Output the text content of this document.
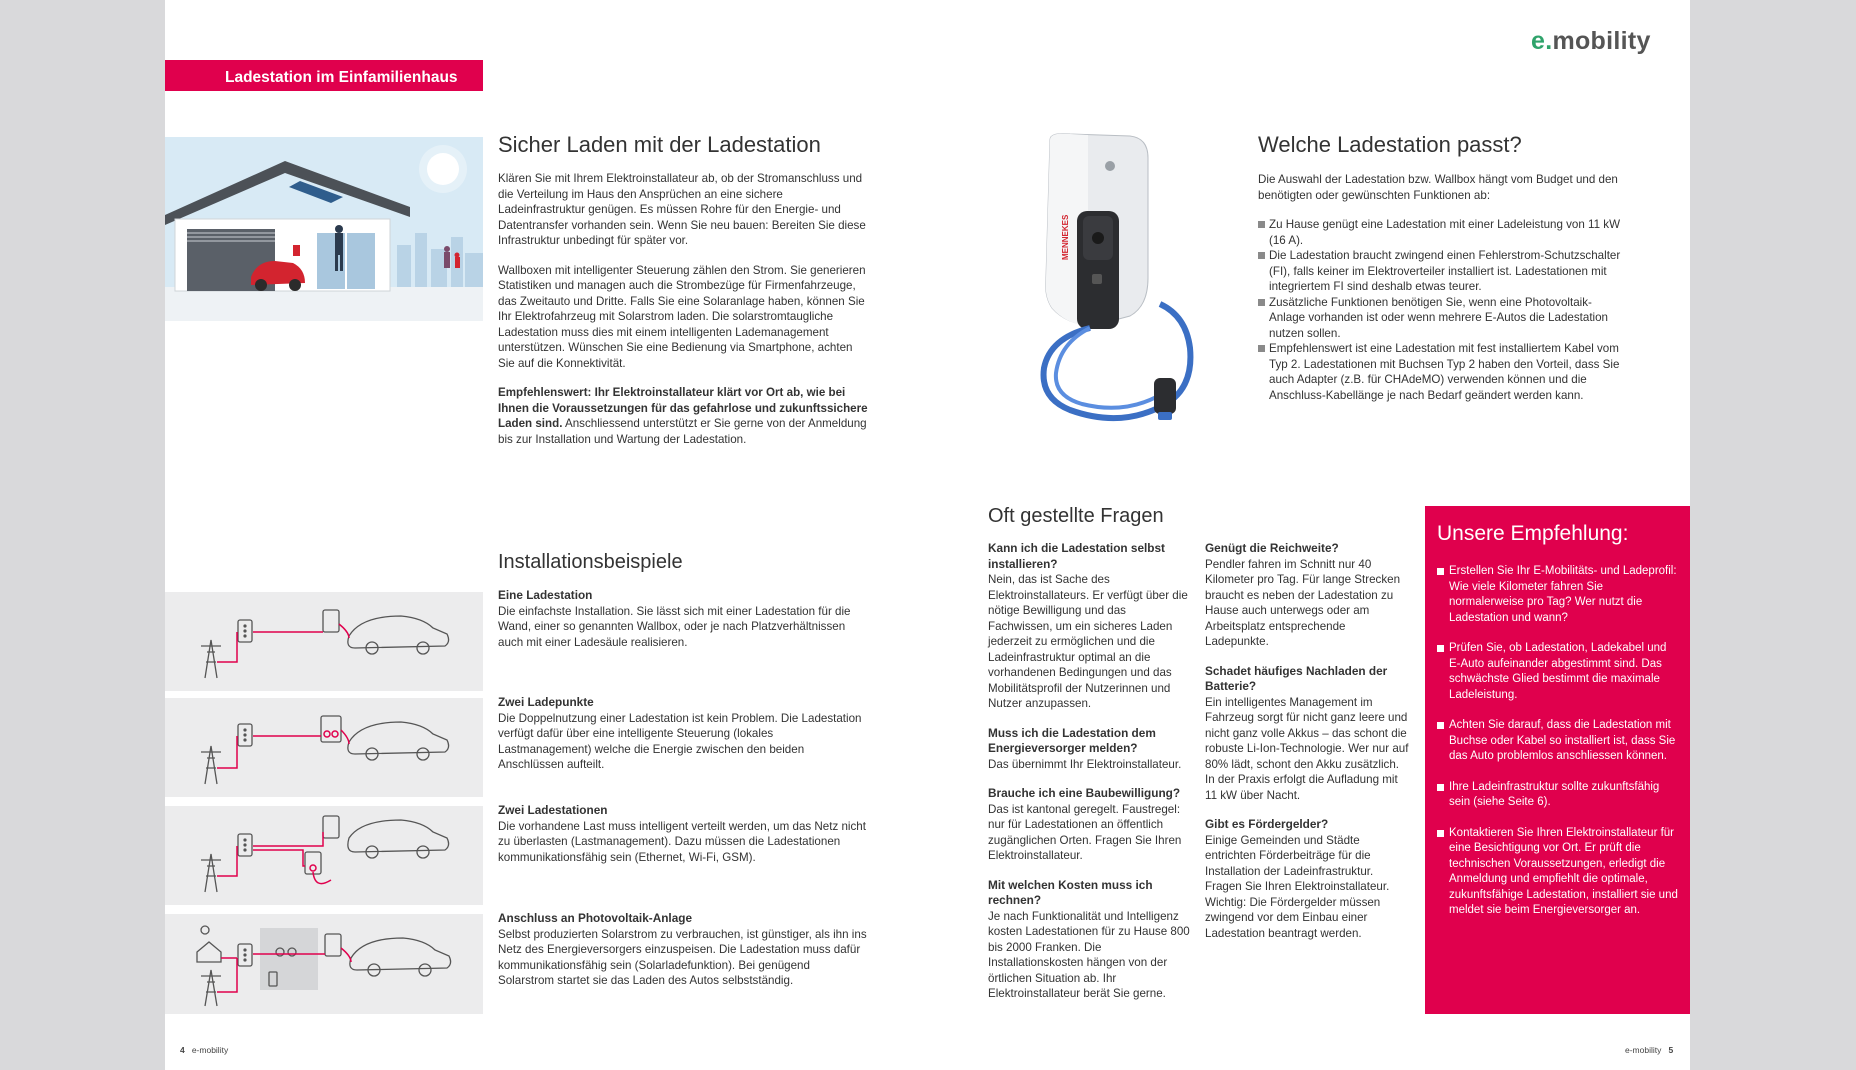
Ladestation im Einfamilienhaus
e.mobility
Sicher Laden mit der Ladestation

Klären Sie mit Ihrem Elektroinstallateur ab, ob der Stromanschluss und die Verteilung im Haus den Ansprüchen an eine sichere Ladeinfrastruktur genügen. Es müssen Rohre für den Energie- und Datentransfer vorhanden sein. Wenn Sie neu bauen: Bereiten Sie diese Infrastruktur unbedingt für später vor.

Wallboxen mit intelligenter Steuerung zählen den Strom. Sie generieren Statistiken und managen auch die Strombezüge für Firmenfahrzeuge, das Zweitauto und Dritte. Falls Sie eine Solaranlage haben, können Sie Ihr Elektrofahrzeug mit Solarstrom laden. Die solarstromtaugliche Ladestation muss dies mit einem intelligenten Lademanagement unterstützen. Wünschen Sie eine Bedienung via Smartphone, achten Sie auf die Konnektivität.

Empfehlenswert: Ihr Elektroinstallateur klärt vor Ort ab, wie bei Ihnen die Voraussetzungen für das gefahrlose und zukunftssichere Laden sind. Anschliessend unterstützt er Sie gerne von der Anmeldung bis zur Installation und Wartung der Ladestation.

MENNEKES
Welche Ladestation passt?

Die Auswahl der Ladestation bzw. Wallbox hängt vom Budget und den benötigten oder gewünschten Funktionen ab:

Zu Hause genügt eine Ladestation mit einer Ladeleistung von 11 kW (16 A).
Die Ladestation braucht zwingend einen Fehlerstrom-Schutzschalter (FI), falls keiner im Elektroverteiler installiert ist. Ladestationen mit integriertem FI sind deshalb etwas teurer.
Zusätzliche Funktionen benötigen Sie, wenn eine Photovoltaik-Anlage vorhanden ist oder wenn mehrere E-Autos die Ladestation nutzen sollen.
Empfehlenswert ist eine Ladestation mit fest installiertem Kabel vom Typ 2. Ladestationen mit Buchsen Typ 2 haben den Vorteil, dass Sie auch Adapter (z.B. für CHAdeMO) verwenden können und die Anschluss-Kabellänge je nach Bedarf geändert werden kann.
Installationsbeispiele
Eine Ladestation
Die einfachste Installation. Sie lässt sich mit einer Ladestation für die Wand, einer so genannten Wallbox, oder je nach Platzverhältnissen auch mit einer Ladesäule realisieren.
Zwei Ladepunkte
Die Doppelnutzung einer Ladestation ist kein Problem. Die Ladestation verfügt dafür über eine intelligente Steuerung (lokales Lastmanagement) welche die Energie zwischen den beiden Anschlüssen aufteilt.
Zwei Ladestationen
Die vorhandene Last muss intelligent verteilt werden, um das Netz nicht zu überlasten (Lastmanagement). Dazu müssen die Ladestationen kommunikationsfähig sein (Ethernet, Wi-Fi, GSM).
Anschluss an Photovoltaik-Anlage
Selbst produzierten Solarstrom zu verbrauchen, ist günstiger, als ihn ins Netz des Energieversorgers einzuspeisen. Die Ladestation muss dafür kommunikationsfähig sein (Solarladefunktion). Bei genügend Solarstrom startet sie das Laden des Autos selbstständig.
Oft gestellte Fragen
Kann ich die Ladestation selbst installieren?
Nein, das ist Sache des Elektroinstallateurs. Er verfügt über die nötige Bewilligung und das Fachwissen, um ein sicheres Laden jederzeit zu ermöglichen und die Ladeinfrastruktur optimal an die vorhandenen Bedingungen und das Mobilitätsprofil der Nutzerinnen und Nutzer anzupassen.
Muss ich die Ladestation dem Energieversorger melden?
Das übernimmt Ihr Elektroinstallateur.
Brauche ich eine Baubewilligung?
Das ist kantonal geregelt. Faustregel: nur für Ladestationen an öffentlich zugänglichen Orten. Fragen Sie Ihren Elektroinstallateur.
Mit welchen Kosten muss ich rechnen?
Je nach Funktionalität und Intelligenz kosten Ladestationen für zu Hause 800 bis 2000 Franken. Die Installationskosten hängen von der örtlichen Situation ab. Ihr Elektroinstallateur berät Sie gerne.
Genügt die Reichweite?
Pendler fahren im Schnitt nur 40 Kilometer pro Tag. Für lange Strecken braucht es neben der Ladestation zu Hause auch unterwegs oder am Arbeitsplatz entsprechende Ladepunkte.
Schadet häufiges Nachladen der Batterie?
Ein intelligentes Management im Fahrzeug sorgt für nicht ganz leere und nicht ganz volle Akkus – das schont die robuste Li-Ion-Technologie. Wer nur auf 80% lädt, schont den Akku zusätzlich. In der Praxis erfolgt die Aufladung mit 11 kW über Nacht.
Gibt es Fördergelder?
Einige Gemeinden und Städte entrichten Förderbeiträge für die Installation der Ladeinfrastruktur. Fragen Sie Ihren Elektroinstallateur. Wichtig: Die Fördergelder müssen zwingend vor dem Einbau einer Ladestation beantragt werden.
Unsere Empfehlung:
Erstellen Sie Ihr E-Mobilitäts- und Ladeprofil: Wie viele Kilometer fahren Sie normalerweise pro Tag? Wer nutzt die Ladestation und wann?
Prüfen Sie, ob Ladestation, Ladekabel und E-Auto aufeinander abgestimmt sind. Das schwächste Glied bestimmt die maximale Ladeleistung.
Achten Sie darauf, dass die Ladestation mit Buchse oder Kabel so installiert ist, dass Sie das Auto problemlos anschliessen können.
Ihre Ladeinfrastruktur sollte zukunftsfähig sein (siehe Seite 6).
Kontaktieren Sie Ihren Elektroinstallateur für eine Besichtigung vor Ort. Er prüft die technischen Voraussetzungen, erledigt die Anmeldung und empfiehlt die optimale, zukunftsfähige Ladestation, installiert sie und meldet sie beim Energieversorger an.
4 e-mobility	e-mobility 5
